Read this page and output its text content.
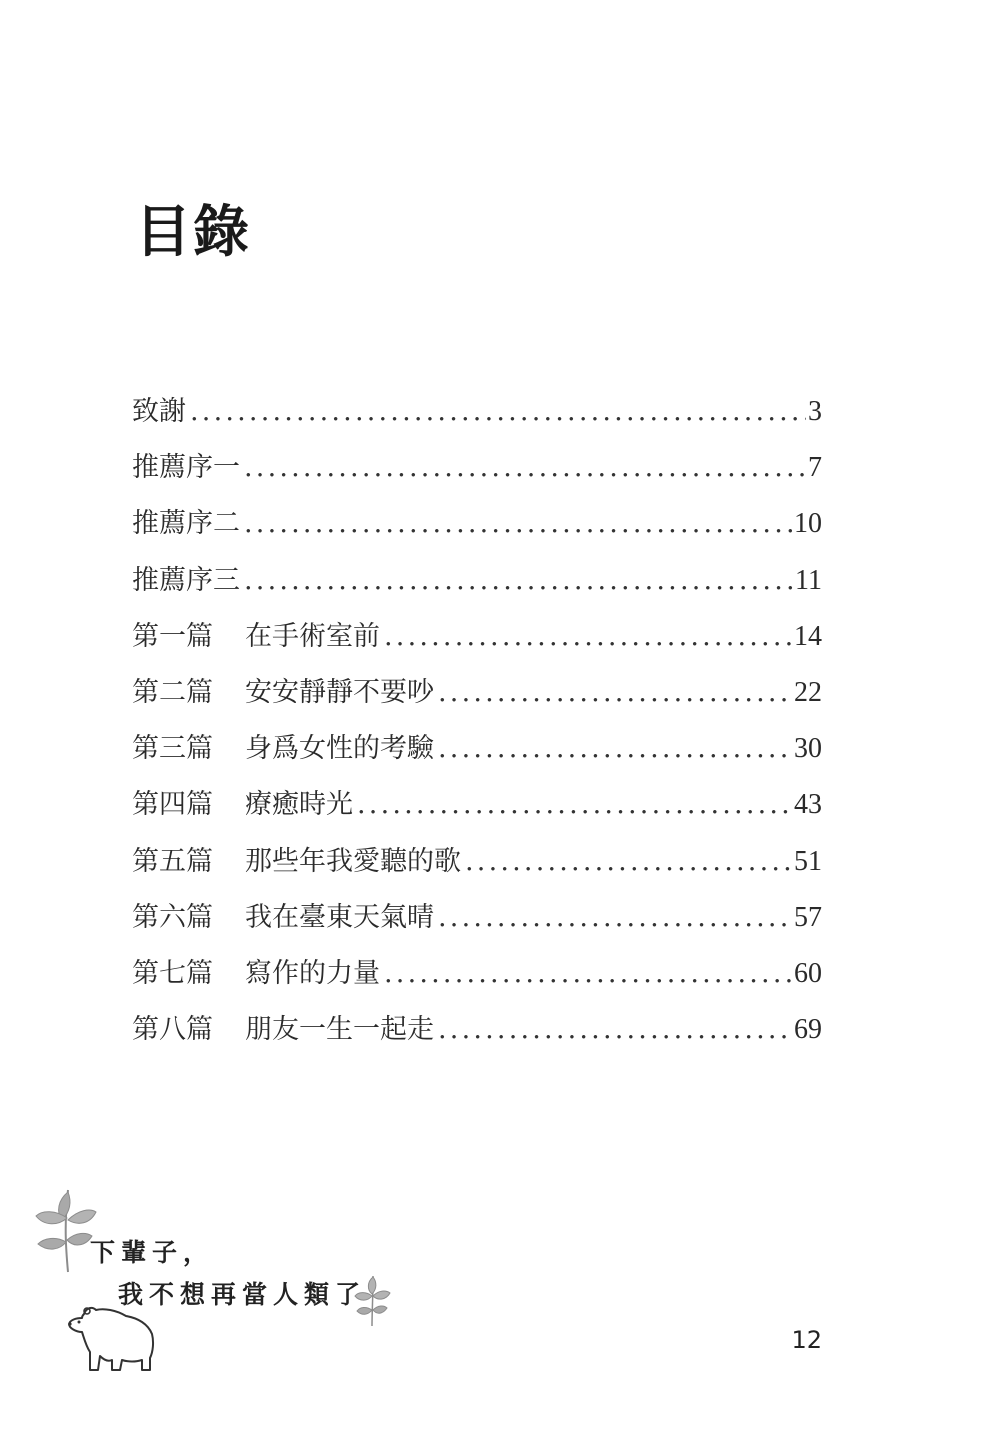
目錄
致謝 .....	3
推薦序一 .....	7
推薦序二 .....	10
推薦序三 .....	11
第一篇	在手術室前 .....	14
第二篇	安安靜靜不要吵 .....	22
第三篇	身爲女性的考驗 .....	30
第四篇	療癒時光 .....	43
第五篇	那些年我愛聽的歌 .....	51
第六篇	我在臺東天氣晴 .....	57
第七篇	寫作的力量 .....	60
第八篇	朋友一生一起走 .....	69
下輩子，
我不想再當人類了
12
